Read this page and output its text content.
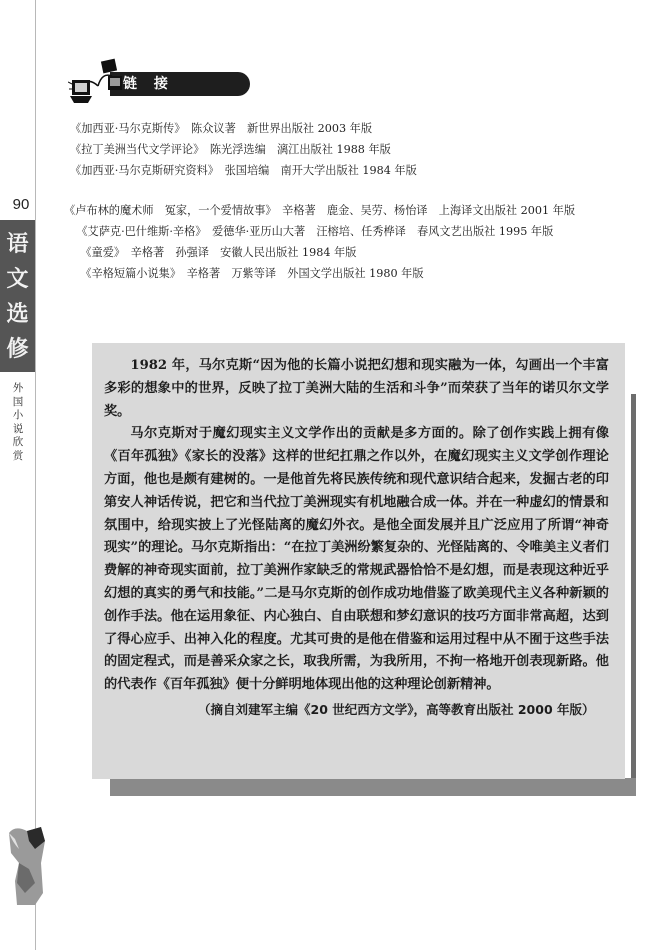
90
语
文
选
修
外国小说欣赏
链 接
《加西亚·马尔克斯传》　陈众议著　新世界出版社 2003 年版
《拉丁美洲当代文学评论》　陈光浮选编　漓江出版社 1988 年版
《加西亚·马尔克斯研究资料》　张国培编　南开大学出版社 1984 年版
《卢布林的魔术师　冤家，一个爱情故事》　辛格著　鹿金、吴劳、杨怡译　上海译文出版社 2001 年版
《艾萨克·巴什维斯·辛格》　爱德华·亚历山大著　汪榕培、任秀桦译　春风文艺出版社 1995 年版
《童爱》　辛格著　孙强译　安徽人民出版社 1984 年版
《辛格短篇小说集》　辛格著　万紫等译　外国文学出版社 1980 年版

1982 年，马尔克斯“因为他的长篇小说把幻想和现实融为一体，勾画出一个丰富多彩的想象中的世界，反映了拉丁美洲大陆的生活和斗争”而荣获了当年的诺贝尔文学奖。

马尔克斯对于魔幻现实主义文学作出的贡献是多方面的。除了创作实践上拥有像《百年孤独》《家长的没落》这样的世纪扛鼎之作以外，在魔幻现实主义文学创作理论方面，他也是颇有建树的。一是他首先将民族传统和现代意识结合起来，发掘古老的印第安人神话传说，把它和当代拉丁美洲现实有机地融合成一体。并在一种虚幻的情景和氛围中，给现实披上了光怪陆离的魔幻外衣。是他全面发展并且广泛应用了所谓“神奇现实”的理论。马尔克斯指出：“在拉丁美洲纷繁复杂的、光怪陆离的、令唯美主义者们费解的神奇现实面前，拉丁美洲作家缺乏的常规武器恰恰不是幻想，而是表现这种近乎幻想的真实的勇气和技能。”二是马尔克斯的创作成功地借鉴了欧美现代主义各种新颖的创作手法。他在运用象征、内心独白、自由联想和梦幻意识的技巧方面非常高超，达到了得心应手、出神入化的程度。尤其可贵的是他在借鉴和运用过程中从不囿于这些手法的固定程式，而是善采众家之长，取我所需，为我所用，不拘一格地开创表现新路。他的代表作《百年孤独》便十分鲜明地体现出他的这种理论创新精神。

（摘自刘建军主编《20 世纪西方文学》，高等教育出版社 2000 年版）
